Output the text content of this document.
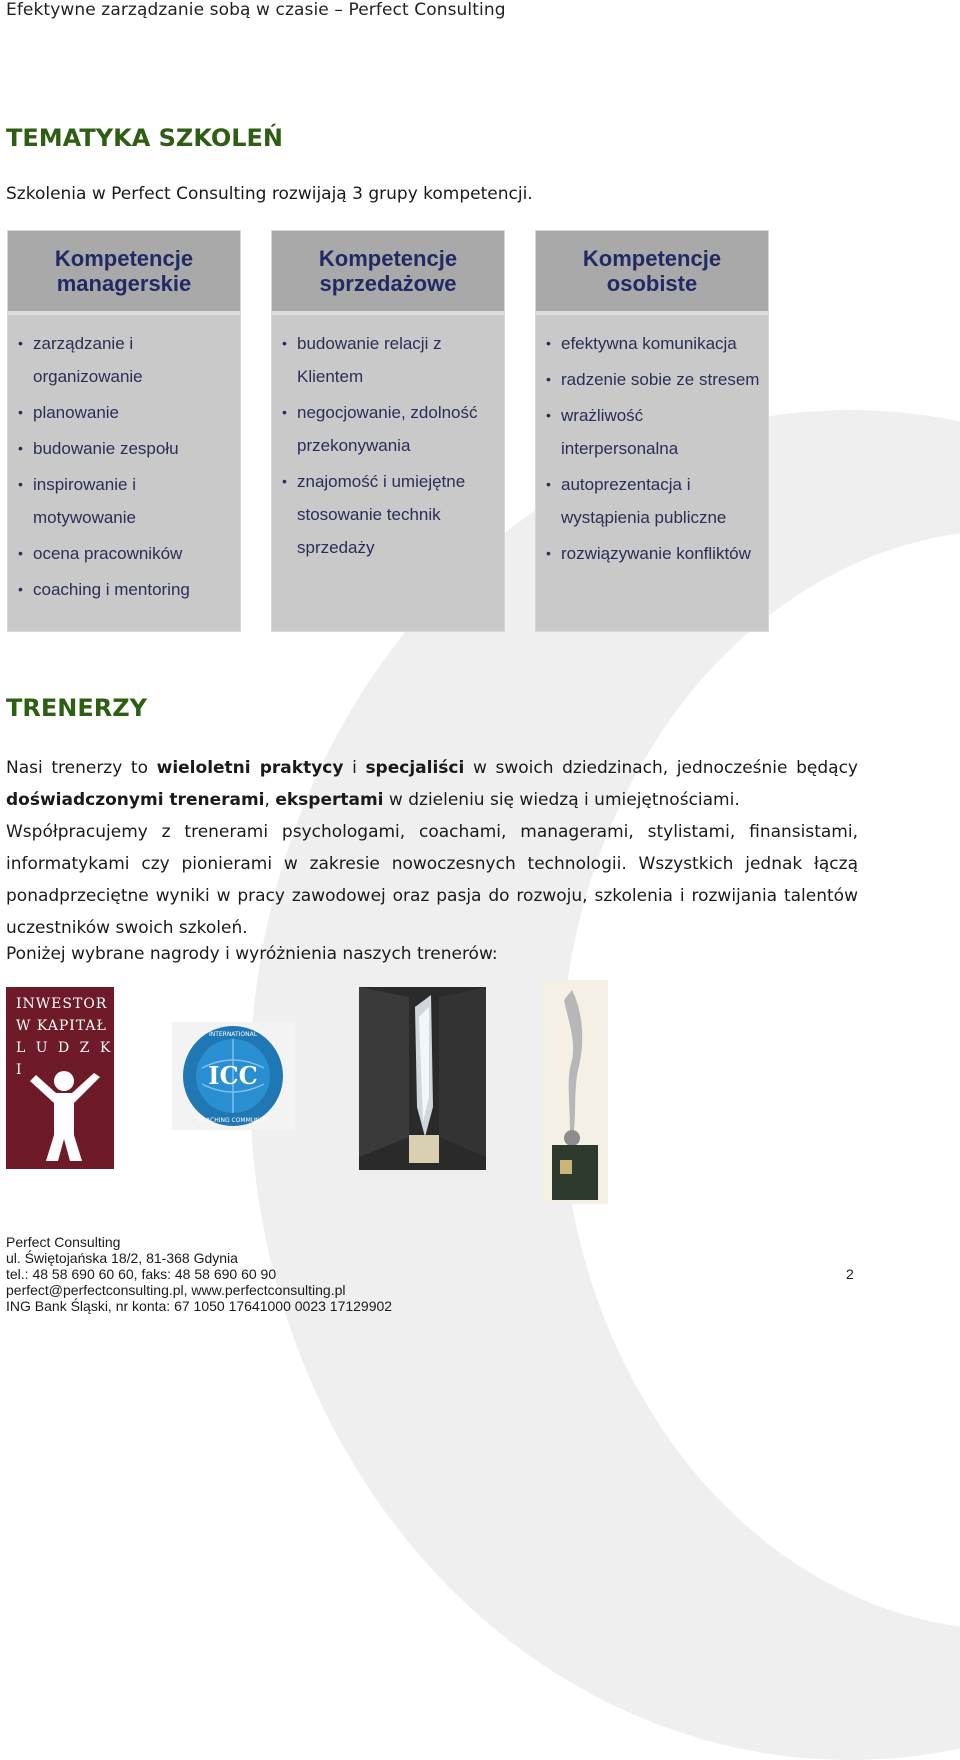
Efektywne zarządzanie sobą w czasie – Perfect Consulting
TEMATYKA SZKOLEŃ
Szkolenia w Perfect Consulting rozwijają 3 grupy kompetencji.
Kompetencje managerskie
• zarządzanie i organizowanie
• planowanie
• budowanie zespołu
• inspirowanie i motywowanie
• ocena pracowników
• coaching i mentoring
Kompetencje sprzedażowe
• budowanie relacji z Klientem
• negocjowanie, zdolność przekonywania
• znajomość i umiejętne stosowanie technik sprzedaży
Kompetencje osobiste
• efektywna komunikacja
• radzenie sobie ze stresem
• wrażliwość interpersonalna
• autoprezentacja i wystąpienia publiczne
• rozwiązywanie konfliktów
TRENERZY
Nasi trenerzy to wieloletni praktycy i specjaliści w swoich dziedzinach, jednocześnie będący doświadczonymi trenerami, ekspertami w dzieleniu się wiedzą i umiejętnościami.
Współpracujemy z trenerami psychologami, coachami, managerami, stylistami, finansistami, informatykami czy pionierami w zakresie nowoczesnych technologii. Wszystkich jednak łączą ponadprzeciętne wyniki w pracy zawodowej oraz pasja do rozwoju, szkolenia i rozwijania talentów uczestników swoich szkoleń.
Poniżej wybrane nagrody i wyróżnienia naszych trenerów:
INWESTOR
W KAPITAŁ
L U D Z K I	ICC
INTERNATIONAL
COACHING COMMUNITY
Perfect Consulting
ul. Świętojańska 18/2, 81-368 Gdynia
tel.: 48 58 690 60 60, faks: 48 58 690 60 90
perfect@perfectconsulting.pl, www.perfectconsulting.pl
ING Bank Śląski, nr konta: 67 1050 17641000 0023 17129902
2
